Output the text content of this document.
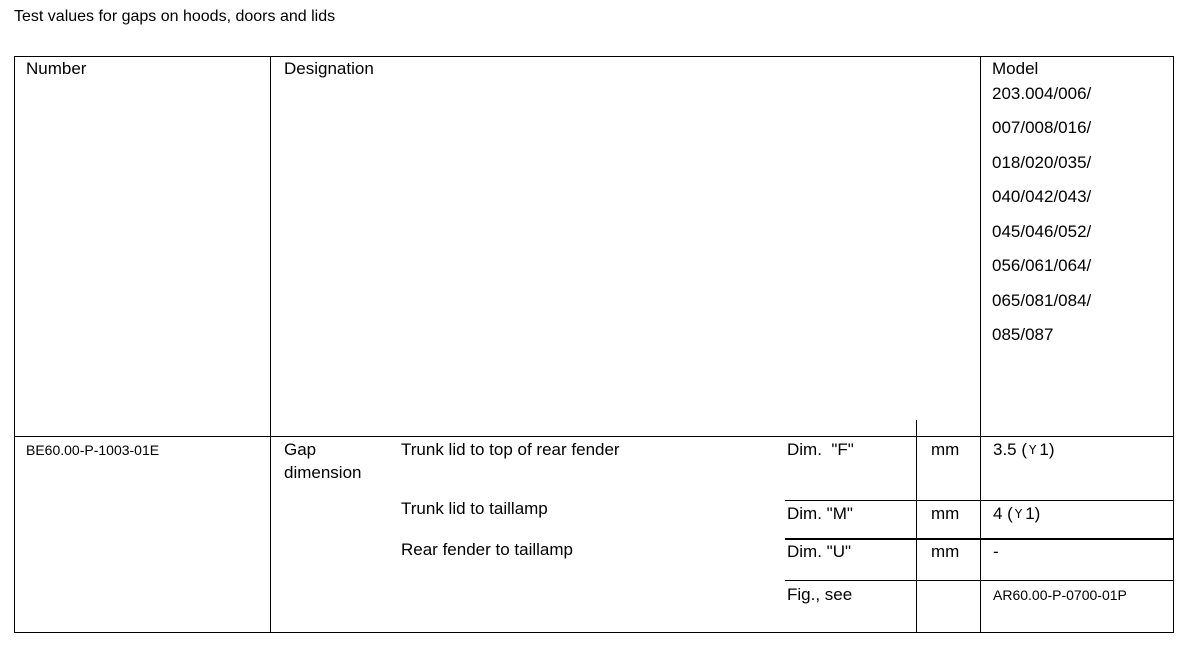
Test values for gaps on hoods, doors and lids
Number	Designation	Model
203.004/006/
007/008/016/
018/020/035/
040/042/043/
045/046/052/
056/061/064/
065/081/084/
085/087
BE60.00-P-1003-01E	Gap
dimension
Trunk lid to top of rear fender	Dim.  "F"	mm 3.5 ( Y 1)
Trunk lid to taillamp	Dim. "M"	mm 4 ( Y 1)
Rear fender to taillamp	Dim. "U"	mm -
Fig., see	AR60.00-P-0700-01P
